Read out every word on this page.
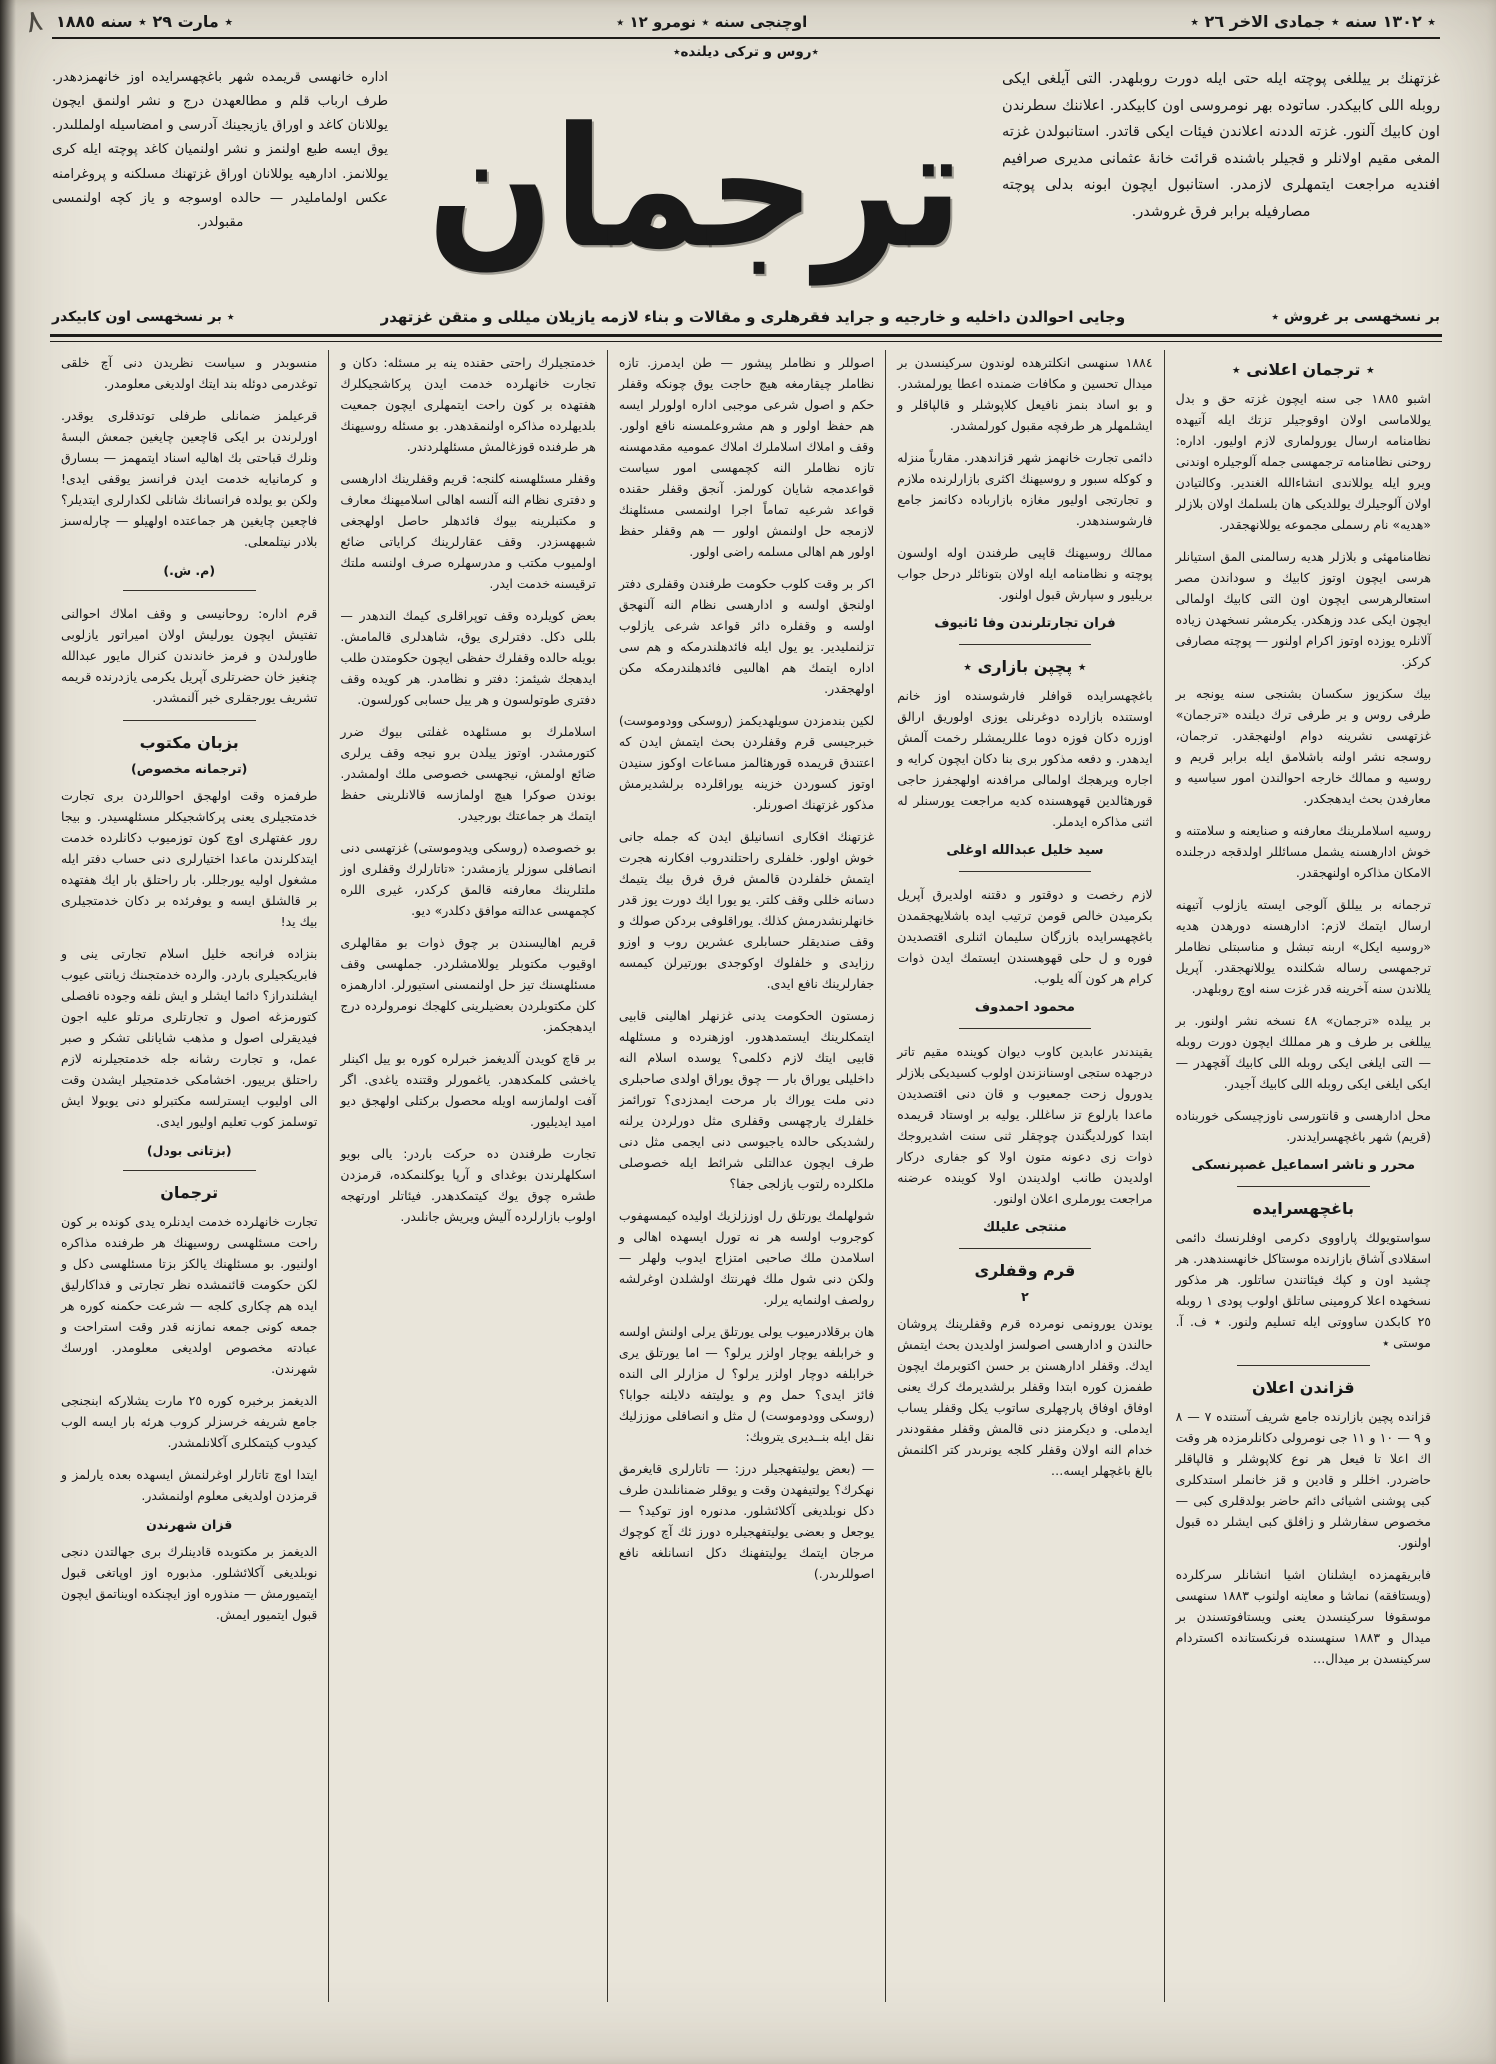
٨	٭ ١٣٠٢ سنه ٭ جمادى الاخر ٢٦ ٭
اوچنجى سنه ٭ نومرو ١٢ ٭
٭ مارت ٢٩ ٭ سنه ١٨٨٥
٭روس و تركى ديلنده٭
غزتهنك بر ييللغى پوچته ايله حتى ايله دورت روبلهدر. التى آيلغى ايكى روبله اللى كابيكدر. ساتوده بهر نومروسى اون كابيكدر. اعلاننك سطرندن اون كابيك آلنور. غزته الددنه اعلاندن فيئات ايكى قاتدر. استانبولدن غزته المغى مقيم اولانلر و قجيلر باشنده قرائت خانۀ عثمانى مديرى صرافيم افنديه مراجعت ايتمهلرى لازمدر. استانبول ايچون ابونه بدلى پوچته مصارفيله برابر فرق غروشدر.
ترجمان
اداره خانهسى قريمده شهر باغچهسرايده اوز خانهمزدهدر. طرف ارباب قلم و مطالعهدن درج و نشر اولنمق ايچون يوللانان كاغد و اوراق يازيجينك آدرسى و امضاسيله اولمللىدر. يوق ايسه طبع اولنمز و نشر اولنميان كاغد پوچته ايله كرى يوللانمز. ادارهيه يوللانان اوراق غزتهنك مسلكنه و پروغرامنه عكس اولمامليدر — حالده اوسوجه و ياز كچه اولنمسى مقبولدر.
بر نسخهسى بر غروش ٭
وجايى احوالدن داخليه و خارجيه و جرايد فقرهلرى و مقالات و بناء لازمه يازيلان ميللى و متقن غزتهدر
٭ بر نسخهسى اون كابيكدر
٭ ترجمان اعلانى ٭
اشبو ١٨٨٥ جى سنه ايچون غزته حق و بدل يوللاماسى اولان اوقوجيلر تزتك ايله آتيهده نظامنامه ارسال يورولمارى لازم اولیور. اداره: روحنى نظامنامه ترجمهسى جمله آلوجيلره اوندنى ويرو ايله يوللاندى انشاءالله الغندير. وكالتيادن اولان آلوجيلرك يوللديكى هان بلسلمك اولان بلازلر «هديه» نام رسملى مجموعه يوللانهجقدر.
نظامنامهئى و بلازلر هديه رسالمنى المق استيانلر هرسى ايچون اوتوز كابيك و سوداندن مصر استعالرهرسى ايچون اون التى كابيك اولمالى ايچون ايكى عدد وزهكدر. يكرمشر نسخهدن زياده آلانلره يوزده اوتوز اكرام اولنور — پوچته مصارفى كركز.
بيك سكزيوز سكسان بشنجى سنه يونجه بر طرفى روس و بر طرفى ترك ديلنده «ترجمان» غزتهسى نشرينه دوام اولنهجقدر. ترجمان، روسجه نشر اولنه باشلامق ايله برابر قريم و روسيه و ممالك خارجه احوالندن امور سياسيه و معارفدن بحث ايدهجكدر.
روسيه اسلاملرينك معارفنه و صنايعنه و سلامتنه و خوش ادارهسنه يشمل مسائللر اولدقجه درجلنده الامكان مذاكره اولنهجقدر.
ترجمانه بر ييللق آلوجى ايسته يازلوب آتيهنه ارسال ايتمك لازم: ادارهسنه دورهدن هديه «روسيه ايكل» اربنه تبشل و مناسبتلى نظاملر ترجمهسى رساله شكلنده يوللانهجقدر. آپريل يللاندن سنه آخرينه قدر غزت سنه اوچ روبلهدر.
بر ييلده «ترجمان» ٤٨ نسخه نشر اولنور. بر ييللغى بر طرف و هر ممللك ايچون دورت روبله — التى ايلغى ايكى روبله اللى كابيك آقچهدر — ايكى ايلغى ايكى روبله اللى كابيك آجيدر.
محل ادارهسى و قانتورسى ناوزچيسكى خوربناده (قريم) شهر باغچهسرايدندر.
محرر و ناشر اسماعيل غصپرنسكى
باغچهسرايده
سواستويولك پاراووى دكرمى اوفلرنسك دائمى اسقلادى آشاق بازارنده موستاكل خانهسندهدر. هر چشيد اون و كپك فيئاتندن ساتلور. هر مذكور نسخهده اعلا كرومينى ساتلق اولوب پودى ١ روبله ٢٥ كابكدن ساووتى ايله تسليم ولنور. ٭ ف. آ. موستى ٭
قزاندن اعلان
قزانده پچين بازارنده جامع شريف آستنده ٧ — ٨ و ٩ — ١٠ و ١١ جى نومرولى دكانلرمزده هر وقت اك اعلا تا فيعل هر نوع كلاپوشلر و قالپاقلر حاضردر. اخللر و قادين و قز خانملر استدكلرى كبى پوشنى اشيائى دائم حاضر بولدقلرى كبى — مخصوص سفارشلر و زافلق كبى ايشلر ده قبول اولنور.
فابريقهمزده ايشلنان اشيا انشانلر سركلرده (ويستافقه) نماشا و معاينه اولنوب ١٨٨٣ سنهسى موسقوفا سركينسدن يعنى ويستافوتسندن بر ميدال و ١٨٨٣ سنهسنده فرنكستانده اكستردام سركينسدن بر ميدال…
١٨٨٤ سنهسى انكلترهده لوندون سركينسدن بر ميدال تحسين و مكافات ضمنده اعطا يورلمشدر. و بو اساد بنمز نافيعل كلاپوشلر و قالپاقلر و ايشلمهلر هر طرفچه مقبول كورلمشدر.
دائمى تجارت خانهمز شهر قزاندهدر. مقارباً منزله و كوكله سبور و روسيهنك اكثرى بازارلرنده ملازم و تجارتجى اولیور مغازه بازارباده دكانمز جامع فارشوسندهدر.
ممالك روسيهنك قاپيى طرفندن اوله اولسون پوچته و نظامنامه ايله اولان بتونائلر درحل جواب بريلیور و سپارش قبول اولنور.
فران تجارتلرندن وفا ئانيوف
٭ پچپن بازارى ٭
باغچهسرايده قوافلر فارشوسنده اوز خانم اوستنده بازارده دوغرنلى يوزى اولوریق ارالق اوزره دكان فوزه دوما عللريمشلر رخمت آلمش ايدهدر. و دفعه مذكور برى بنا دكان ايچون كرايه و اجاره ويرهجك اولمالى مرافدنه اولهجفرز حاجى قورهئالدين قهوهسنده كديه مراجعت يورسنلر له اثنى مذاكره ايدملر.
سيد خليل عبدالله اوغلى
لازم رخصت و دوقتور و دقتنه اولديرق آپريل بكرميدن خالص قومن ترتيب ايده باشلايهجقمدن باغچهسرايده بازرگان سليمان اثنلرى اقتصديدن فوره و ل حلى قهوهسندن ايستمك ايدن ذوات كرام هر كون آله يلوب.
محمود احمدوف
يقيندندر عابدين كاوب ديوان كوينده مقيم تاتر درجهده ستجى اوسنانزندن اولوب كسيديكى بلازلر يدورول زحت جمعيوب و قان دنى اقتصديدن ماعدا بارلوع تز ساغللر. يوليه بر اوستاد قريمده ابتدا كورلديگندن چوچقلر ثنى سنت اشديروجك ذوات زى دعونه متون اولا كو جفارى دركار اولديدن طانب اولدیندن اولا كوينده عرضنه مراجعت يورملرى اعلان اولنور.
منتجى عليلك
قرم وقفلرى
٢
يوندن يورونمى نومرده قرم وقفلرينك پروشان حالندن و ادارهسى اصولسز اولديدن بحث ايتمش ايدك. وقفلر ادارهسنن بر حسن اكتوبرمك ايچون طفمزن كوره ابتدا وقفلر برلشديرمك كرك يعنى اوفاق اوفاق پارچهلرى ساتوب يكل وقفلر يساب ايدملى. و ديكرمنز دنى قالمش وقفلر مفقودندر خدام النه اولان وقفلر كلجه يونرىدر كتر اكلنمش بالغ باغچهلر ايسه…
اصوللر و نظاملر پیشور — طن ايدمرز. تازه نظاملر چیقارمغه هیچ حاجت يوق چونكه وقفلر حكم و اصول شرعى موجبى اداره اولورلر ايسه هم حفظ اولور و هم مشروعلمسنه نافع اولور. وقف و املاك اسلاملرك املاك عموميه مقدمهسنه تازه نظاملر النه كچمهسى امور سياست قواعدمجه شايان كورلمز. آنجق وقفلر حقنده قواعد شرعيه تماماً اجرا اولنمسى مسئلهنك لازمجه حل اولنمش اولور — هم وقفلر حفظ اولور هم اهالى مسلمه راضى اولور.
اكر بر وقت كلوب حكومت طرفندن وقفلرى دفتر اولنجق اولسه و ادارهسى نظام النه آلنهجق اولسه و وقفلره دائر قواعد شرعى يازلوب تزلنمليدير. يو يول ايله فائدهلندرمكه و هم سى اداره ايتمك هم اهالىيى فائدهلندرمكه مكن اولهجقدر.
لكين بندمزدن سويلهديكمز (روسكى وودوموست) خبرجيسى قرم وقفلردن بحث ايتمش ايدن كه اعتندق قريمده قورهئالمز مساعات اوكوز سنیدن اوتوز كسوردن خزينه يوراقلرده برلشديرمش مذكور غزتهنك اصورنلر.
غزتهنك افكارى انسانيلق ايدن كه جمله جانى خوش اولور. خلفلرى راحتلندروب افكارنه هجرت ايتمش خلفلردن قالمش فرق فرق بيك يتیمك دسانه خللى وقف كلتر. يو يورا ايك دورت يوز قدر خانهلرنشدرمش كذلك. يوراقلوفى بردكن صولك و وقف صنديقلر حسابلرى عشرين روب و اوزو رزایدى و خلفلوك اوكوجدى بورتیرلن كيمسه جفارلرينك نافع ايدى.
زمستون الحكومت يدنى غزنهلر اهالينى قابيى ايتمكلرينك ايستمدهدور. اوزهنرده و مسئلهله قابيى ايتك لازم دكلمى؟ يوسده اسلام النه داخليلى يوراق بار — چوق يوراق اولدى صاحبلرى دنى ملت يوراك بار مرحت ايمدزدى؟ تورائمز خلفلرك يارچهسى وقفلرى مثل دورلردن يرلنه رلشديكى حالده ياجیوسى دنى ايجمى مثل دنى طرف ايچون عدالتلى شرائط ايله خصوصلى ملكلرده رلتوب يازلجى جفا؟
شولهلمك يورتلق رل اوززلزيك اوليده كيمسهفوب كوجروب اولسه هر نه تورل ايسهده اهالى و اسلامدن ملك صاحبى امتزاج ايدوب ولهلر — ولكن دنى شول ملك فهرنتك اولشلدن اوغرلشه رولصف اولنمايه يرلر.
هان برقلادرميوب يولى يورتلق يرلى اولنش اولسه و خرابلفه يوچار اولزر يرلو؟ — اما يورتلق يرى خرابلفه دوچار اولزر يرلو؟ ل مزارلر الى النده فائز ايدى؟ حمل وم و يوليتفه دلايلنه جوابا؟ (روسكى وودوموست) ل مثل و انصافلى موززليك نقل ايله بنــدیری يتروبك:
— (بعض يوليتفهجيلر درز: — تاتارلرى قايغرمق نهكرك؟ يولتيفهدن وقت و يوقلر ضمنانلىدن طرف دكل نوبلديغى آكلائشلور. مدنوره اوز توكيد؟ — يوجعل و بعضى يوليتفهجيلره دورز ئك آچ كوچوك مرجان ايتمك يوليتفهنك دكل انسانلغه نافع اصوللرىدر.)
خدمتجيلرك راحتى حقنده ينه بر مسئله: دكان و تجارت خانهلرده خدمت ايدن پركاشجيكلرك هفتهده بر كون راحت ايتمهلرى ايچون جمعيت بلديهلرده مذاكره اولنمقدهدر. بو مسئله روسيهنك هر طرفنده قوزغالمش مسئلهلردندر.
وقفلر مسئلهسنه كلنجه: قريم وقفلرينك ادارهسى و دفترى نظام النه آلنسه اهالى اسلاميهنك معارف و مكتبلرينه بيوك فائدهلر حاصل اولهجغى شبههسزدر. وقف عقارلرينك كراياتى ضائع اولميوب مكتب و مدرسهلره صرف اولنسه ملتك ترقيسنه خدمت ايدر.
بعض كويلرده وقف توپراقلرى كيمك الندهدر — بللى دكل. دفترلرى يوق، شاهدلرى قالمامش. بويله حالده وقفلرك حفظى ايچون حكومتدن طلب ايدهجك شيئمز: دفتر و نظامدر. هر كويده وقف دفترى طوتولسون و هر ييل حسابى كورلسون.
اسلاملرك بو مسئلهده غفلتى بيوك ضرر كتورمشدر. اوتوز ييلدن برو نيجه وقف يرلرى ضائع اولمش، نيجهسى خصوصى ملك اولمشدر. بوندن صوكرا هيچ اولمازسه قالانلرينى حفظ ايتمك هر جماعتك بورجيدر.
بو خصوصده (روسكى ويدوموستى) غزتهسى دنى انصافلى سوزلر يازمشدر: «تاتارلرك وقفلرى اوز ملتلرينك معارفنه قالمق كركدر، غيرى اللره كچمهسى عدالته موافق دكلدر» ديو.
قريم اهالیسندن بر چوق ذوات بو مقالهلرى اوقيوب مكتوبلر يوللامشلردر. جملهسى وقف مسئلهسنك تيز حل اولنمسنى استيورلر. ادارهمزه كلن مكتوبلردن بعضیلرينى كلهجك نومرولرده درج ايدهجكمز.
بر قاچ كويدن آلديغمز خبرلره كوره بو ييل اكينلر ياخشى كلمكدهدر. ياغمورلر وقتنده ياغدى. اگر آفت اولمازسه اويله محصول بركتلى اولهجق ديو اميد ايديلیور.
تجارت طرفندن ده حركت باردر: يالى بويو اسكلهلرندن بوغداى و آرپا يوكلنمكده، قرمزدن طشره چوق يوك كيتمكدهدر. فيئاتلر اورتهجه اولوب بازارلرده آليش ويريش جانلىدر.
منسوبدر و سياست نظريدن دنى آچ خلقى توغدرمى دوئله بند ايتك اولديغى معلومدر.
قرعيلمز ضمانلى طرفلى توتدقلرى يوقدر. اورلرندن بر ايكى قاچعين چايغين جمعش البسۀ ونلرك قباحتى بك اهاليه اسناد ايتمهمز — بىسارق و كرمانيايه خدمت ايدن فرانسز يوقفى ايدى! ولكن بو يولده فرانسانك شانلى لكدارلرى ايتديلر؟ فاچعين چايغين هر جماعتده اولهيلو — چارلەسىز بلادر نيتلمعلى.
(م. ش.)
قرم اداره: روحانيسى و وقف املاك احوالنى تفتيش ايچون يورليش اولان اميراتور يازلوبى طاورلىدن و فرمز خاندندن كنرال مايور عبدالله چنغيز خان حضرتلرى آپريل يكرمى يازدرنده قريمه تشريف يورجقلرى خبر آلنمشدر.
بزبان مكتوب
(ترجمانه مخصوص)
طرفمزه وقت اولهجق احواللردن برى تجارت خدمتجيلرى يعنى پركاشجيكلر مسئلهسيدر. و بيجا رور عفتهلرى اوچ كون توزميوب دكانلرده خدمت ايتدكلرندن ماعدا اختيارلرى دنى حساب دفتر ايله مشغول اوليه يورجللر. بار راحتلق بار ايك هفتهده بر قالشلق ايسه و يوفرئده بر دكان خدمتجيلرى بيك يد!
بنزاده فرانجه خليل اسلام تجارتى ينى و فابريكجيلرى باردر. والرده خدمتجىنك زيانتى عيوب ايشلندراز؟ دائما ايشلر و ايش نلفه وجوده نافصلى كتورمزغه اصول و تجارتلرى مرتلو عليه اجون فيديقرلى اصول و مذهب شايانلى تشكر و صبر عمل، و تجارت رشانه جله خدمتجيلرنه لازم راحتلق بريیور. اخشامكى خدمتجيلر ايشدن وقت الى اوليوب ايسترلسه مكتبرلو دنى يويولا ايش توسلمز كوب تعليم اولیور ايدى.
(بزتانى بودل)
ترجمان
تجارت خانهلرده خدمت ايدنلره يدى كونده بر كون راحت مسئلهسى روسيهنك هر طرفنده مذاكره اولنيور. بو مسئلهنك يالكز بزتا مسئلهسى دكل و لكن حكومت قائنمشده نظر تجارتى و فداكارليق ايده هم چكارى كلجه — شرعت حكمنه كوره هر جمعه كونى جمعه نمازنه قدر وقت استراحت و عبادته مخصوص اولديغى معلومدر. اورسك شهرندن.
الديغمز برخبره كوره ٢٥ مارت يشلاركه ابنجنجى جامع شريفه خرسزلر كروب هرئه بار ايسه الوب كيدوب كيتمكلرى آكلانلمشدر.
ايتدا اوچ تاتارلر اوغرلنمش ايسهده بعده يارلمز و قرمزدن اولديغى معلوم اولنمشدر.
قزان شهرندن
الديغمز بر مكتوبده قادينلرك برى جهالتدن دنجى نوبلديغى آكلائشلور. مذبوره اوز اوپاتغى قبول ايتمیورمش — منذوره اوز ايچنكده اويناتمق ايچون قبول ايتمیور ايمش.
